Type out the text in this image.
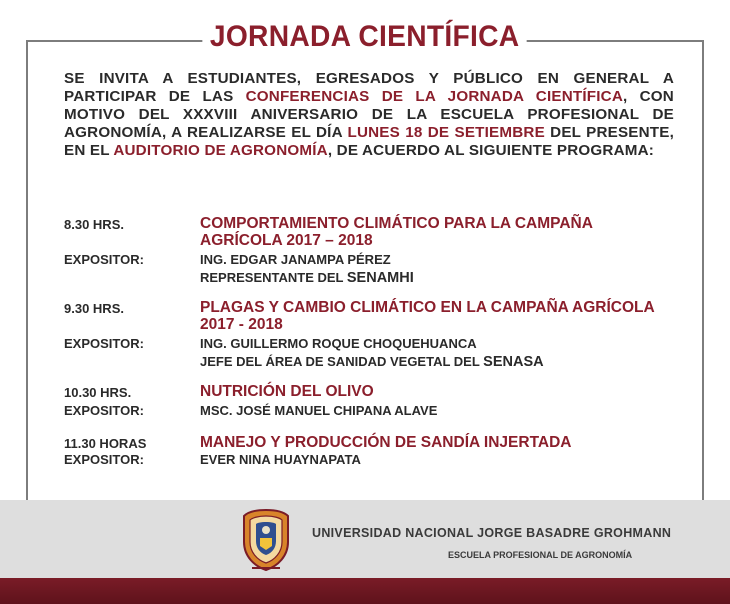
JORNADA CIENTÍFICA
SE INVITA A ESTUDIANTES, EGRESADOS Y PÚBLICO EN GENERAL A PARTICIPAR DE LAS CONFERENCIAS DE LA JORNADA CIENTÍFICA, CON MOTIVO DEL XXXVIII ANIVERSARIO DE LA ESCUELA PROFESIONAL DE AGRONOMÍA, A REALIZARSE EL DÍA LUNES 18 DE SETIEMBRE DEL PRESENTE, EN EL AUDITORIO DE AGRONOMÍA, DE ACUERDO AL SIGUIENTE PROGRAMA:
8.30 HRS.	COMPORTAMIENTO CLIMÁTICO PARA LA CAMPAÑA AGRÍCOLA 2017 – 2018
EXPOSITOR:	ING. EDGAR JANAMPA PÉREZ
REPRESENTANTE DEL SENAMHI
9.30 HRS.	PLAGAS Y CAMBIO CLIMÁTICO EN LA CAMPAÑA AGRÍCOLA 2017 - 2018
EXPOSITOR:	ING. GUILLERMO ROQUE CHOQUEHUANCA
JEFE DEL ÁREA DE SANIDAD VEGETAL DEL SENASA
10.30 HRS.	NUTRICIÓN DEL OLIVO
EXPOSITOR:	MSC. JOSÉ MANUEL CHIPANA ALAVE
11.30 HORAS	MANEJO Y PRODUCCIÓN DE SANDÍA INJERTADA
EXPOSITOR:	EVER NINA HUAYNAPATA
UNIVERSIDAD NACIONAL JORGE BASADRE GROHMANN
ESCUELA PROFESIONAL DE AGRONOMÍA
